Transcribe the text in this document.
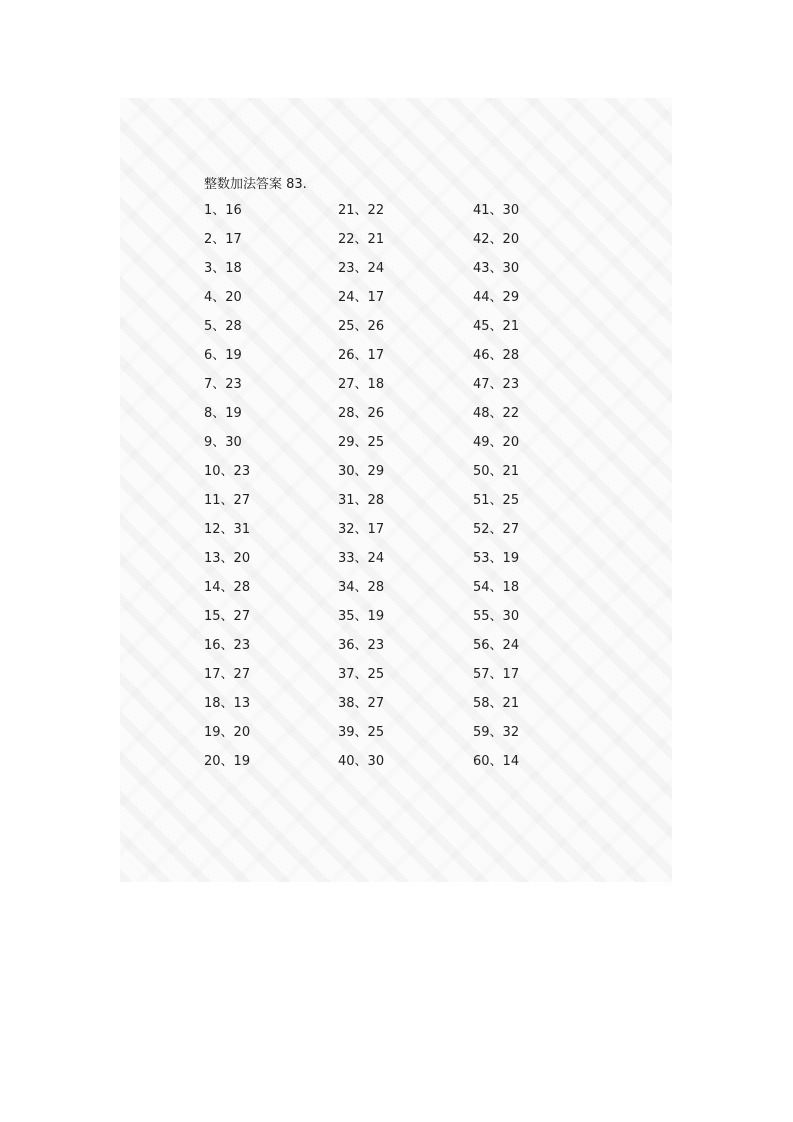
整数加法答案 83.
1、16
2、17
3、18
4、20
5、28
6、19
7、23
8、19
9、30
10、23
11、27
12、31
13、20
14、28
15、27
16、23
17、27
18、13
19、20
20、19
21、22
22、21
23、24
24、17
25、26
26、17
27、18
28、26
29、25
30、29
31、28
32、17
33、24
34、28
35、19
36、23
37、25
38、27
39、25
40、30
41、30
42、20
43、30
44、29
45、21
46、28
47、23
48、22
49、20
50、21
51、25
52、27
53、19
54、18
55、30
56、24
57、17
58、21
59、32
60、14
